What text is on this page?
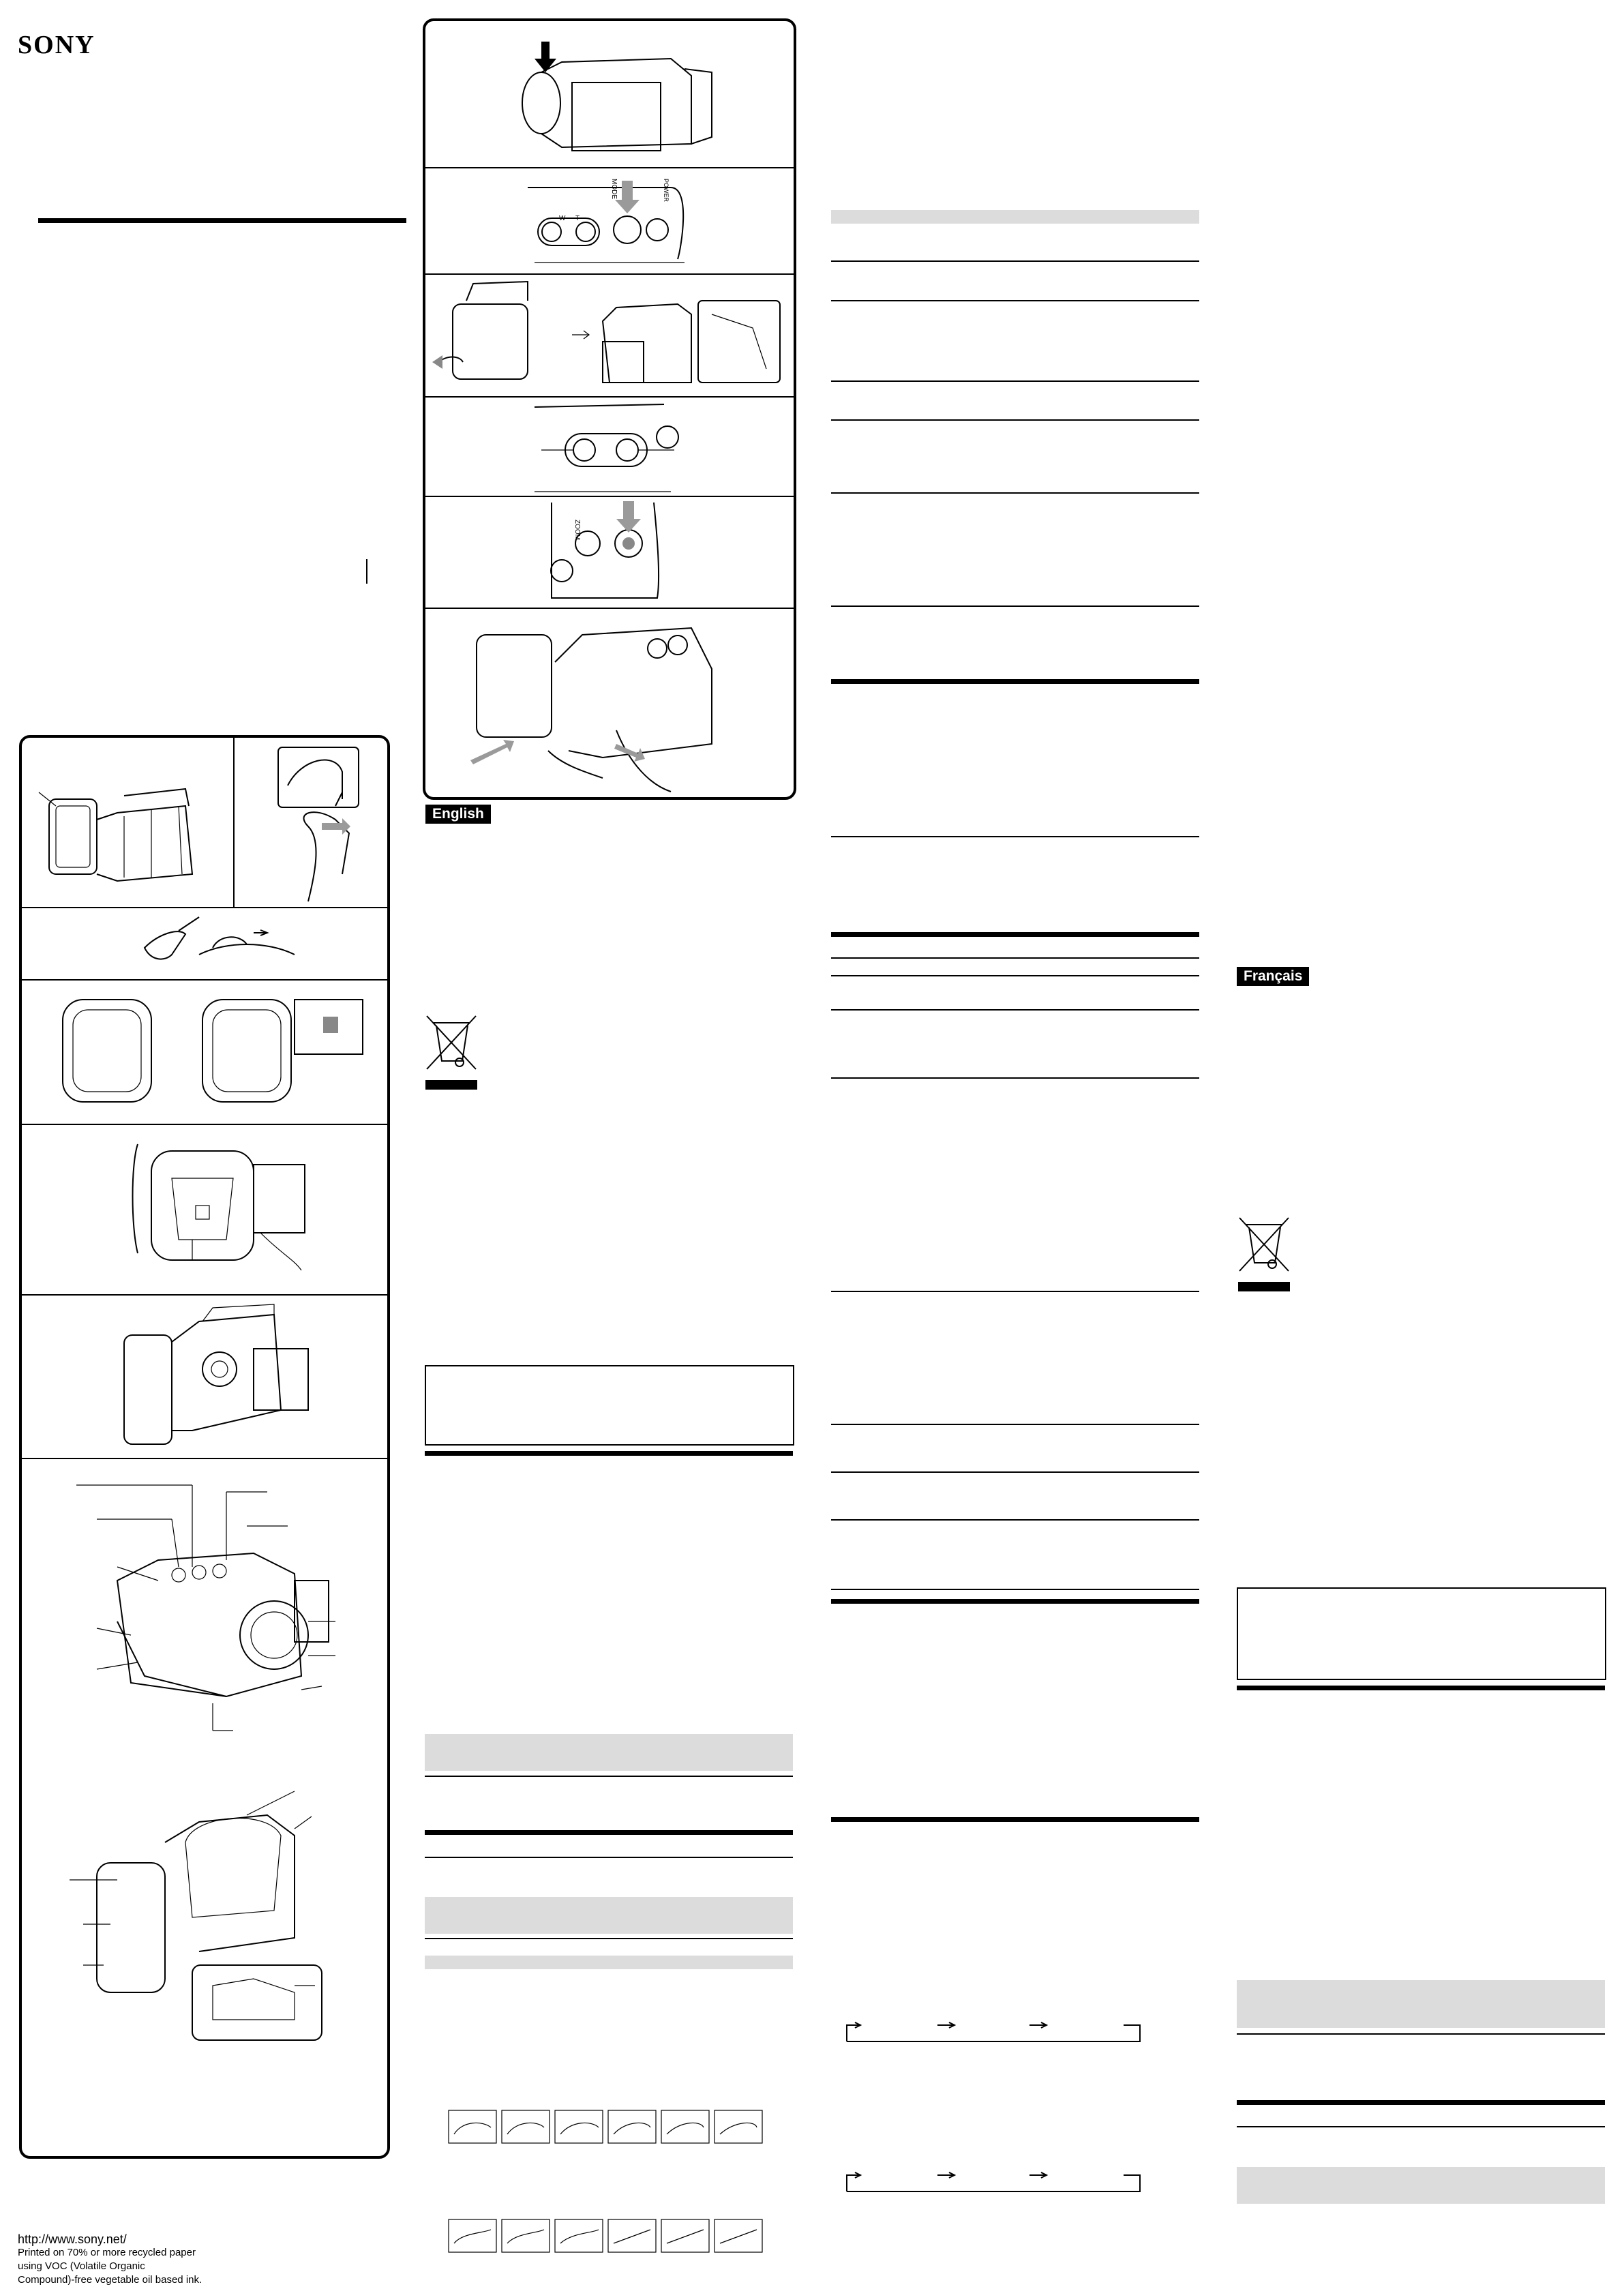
SONY
W T
English
Français
http://www.sony.net/
Printed on 70% or more recycled paper
using VOC (Volatile Organic
Compound)-free vegetable oil based ink.
MODE	POWER
ZOOM
